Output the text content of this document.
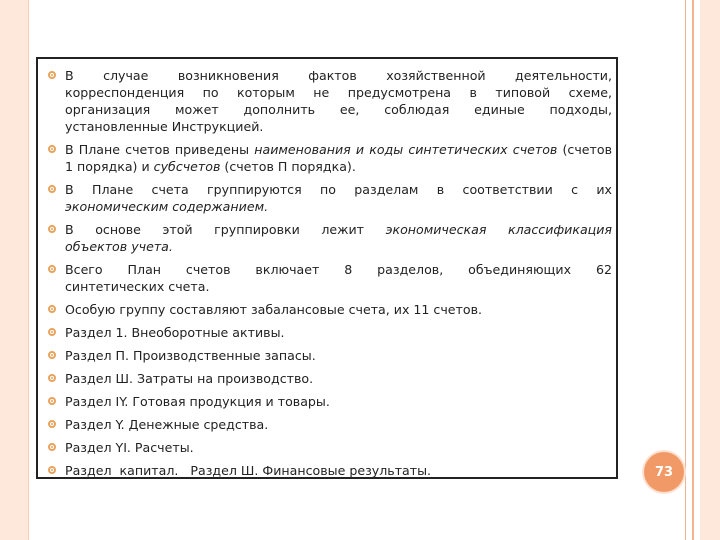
В случае возникновения фактов хозяйственной деятельности,
корреспонденция по которым не предусмотрена в типовой схеме,
организация может дополнить ее, соблюдая единые подходы,
установленные Инструкцией.
В Плане счетов приведены наименования и коды синтетических счетов (счетов 1 порядка) и субсчетов (счетов П порядка).
В Плане счета группируются по разделам в соответствии с их
экономическим содержанием.
В основе этой группировки лежит экономическая классификация
объектов учета.
Всего План счетов включает 8 разделов, объединяющих 62
синтетических счета.
Особую группу составляют забалансовые счета, их 11 счетов.
Раздел 1. Внеоборотные активы.
Раздел П. Производственные запасы.
Раздел Ш. Затраты на производство.
Раздел IY. Готовая продукция и товары.
Раздел Y. Денежные средства.
Раздел YI. Расчеты.
Раздел  капитал.   Раздел Ш. Финансовые результаты.	73
